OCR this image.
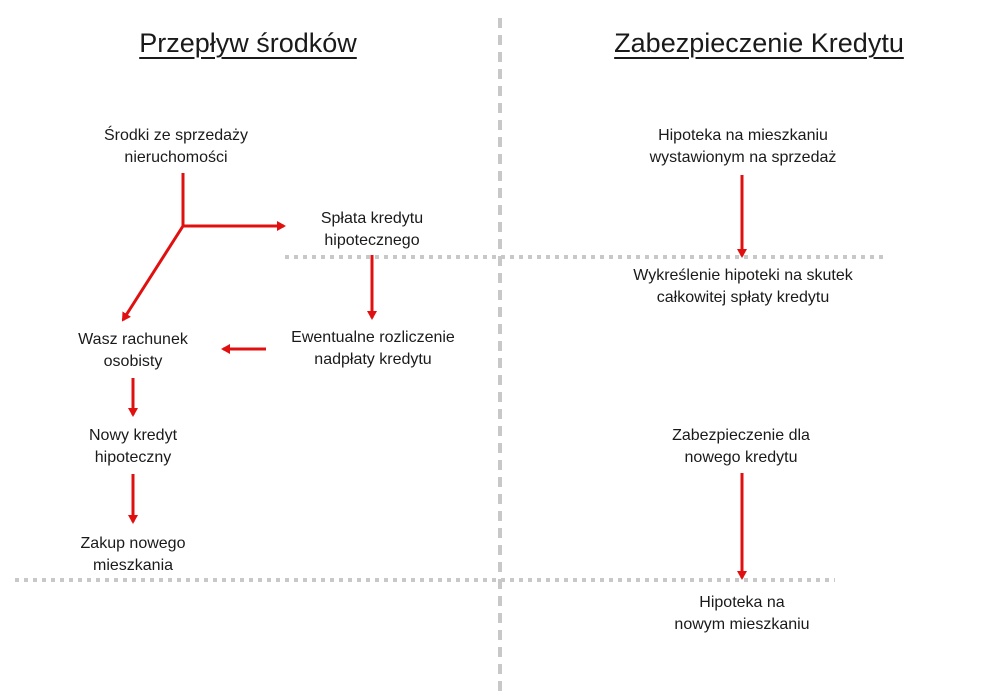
Przepływ środków	Zabezpieczenie Kredytu
Środki ze sprzedaży
nieruchomości
Spłata kredytu
hipotecznego
Wasz rachunek
osobisty
Ewentualne rozliczenie
nadpłaty kredytu
Nowy kredyt
hipoteczny
Zakup nowego
mieszkania
Hipoteka na mieszkaniu
wystawionym na sprzedaż
Wykreślenie hipoteki na skutek
całkowitej spłaty kredytu
Zabezpieczenie dla
nowego kredytu
Hipoteka na
nowym mieszkaniu
